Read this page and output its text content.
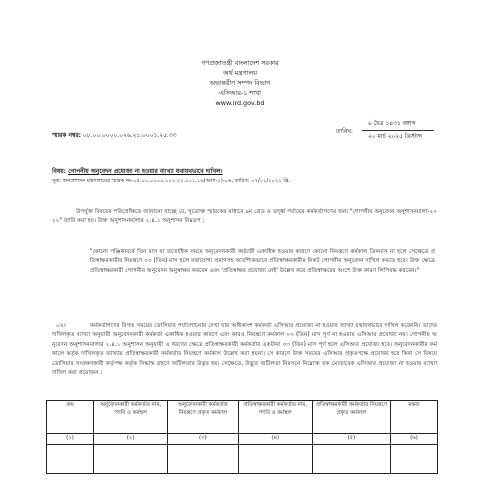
গণপ্রজাতন্ত্রী বাংলাদেশ সরকার
অর্থ মন্ত্রণালয়
অভ্যন্তরীণ সম্পদ বিভাগ
এসিআর-১ শাখা
www.ird.gov.bd
৬ চৈত্র ১৪৩১ বঙ্গাব্দ
তারিখ:
২০ মার্চ ২০২৫ খ্রিস্টাব্দ
স্মারক নম্বর: ০৮.০০.০০০০.০২৬.২১.০০০১.২৫.৩৩
বিষয়: গোপনীয় অনুবেদন প্রযোজ্য না হওয়ার ব্যাখ্যা যথাযথভাবে দাখিল।
সূত্র: জনপ্রশাসন মন্ত্রণালয়ের স্মারক নং-০৫.০০.০০০০.১০২.২২.০০১.১৬(অংশ-১)-০৬, তারিখ: ০৭/০১/২০২১ খ্রি.
উপর্যুক্ত বিষয়ের পরিপ্রেক্ষিতে জানানো যাচ্ছে যে, সূত্রোক্ত স্মারকের মাধ্যমে ৯ম গ্রেড ও তদূর্ধ্ব পর্যায়ের কর্মকর্তাগণের জন্য "গোপনীয় অনুবেদন অনুশাসনমালা-২০২০" জারি করা হয়। উক্ত অনুশাসনমালার ২.৪.১ অনুশাসন নিম্নরূপ :
"কোনো পঞ্জিকাবর্ষে তিন মাস বা ততোধিক সময়ে অনুবেদনকারী কর্মচারী একাধিক হওয়ার কারণে কোনো নিয়ন্ত্রণে কর্মকাল তিনমাস না হলে সেক্ষেত্রে প্রতিস্বাক্ষরকারীর নিয়ন্ত্রণে ০৩ (তিন) মাস হলে যথাযোগ্য প্রমাণসহ আবশ্যিকভাবে প্রতিস্বাক্ষরকারীর নিকট গোপনীয় অনুবেদন দাখিল করতে হবে। উক্ত ক্ষেত্রে প্রতিস্বাক্ষরকারী গোপনীয় অনুবেদন অনুস্বাক্ষর করবেন এবং 'প্রতিস্বাক্ষর প্রযোজ্য নেই' উল্লেখ করে প্রতিস্বাক্ষরের অংশে উক্ত কারণ লিপিবদ্ধ করবেন।"
০২।	কর্মকর্তাগণের বিগত সময়ের ডোসিয়ার পর্যালোচনায় দেখা যায় অধিকাংশ কর্মকর্তা এসিআর প্রযোজ্য না হওয়ার ব্যাখ্যা যথাযথভাবে দাখিল করেননি। তাদের দাখিলকৃত ব্যাখ্যা অনুযায়ী অনুবেদনকারী কর্মকর্তা একাধিক হওয়ার কারণে এবং কারও নিয়ন্ত্রণে কর্মকাল ০৩ (তিন) মাস পূর্ণ না হওয়ায় এসিআর প্রযোজ্য নয়। গোপনীয় অনুবেদন অনুশাসনমালার ২.৪.১ অনুশাসন অনুযায়ী এ ধরণের ক্ষেত্রে প্রতিস্বাক্ষরকারী কর্মকর্তার একটানা ০৩ (তিন) মাস পূর্ণ হলে এসিআর প্রযোজ্য হবে। অনুবেদনকারীর কর্মকালে কর্তৃক দাখিলকৃত ব্যাখ্যায় প্রতিস্বাক্ষরকারী কর্মকর্তার নিয়ন্ত্রণে কর্মকাল উল্লেখ করা হয়না। সে কারণে উক্ত সময়ের এসিআর প্রকৃতপক্ষে প্রযোজ্য হবে কিনা সে বিষয়ে ডোসিয়ার সংরক্ষণকারী কর্তৃপক্ষ কর্তৃক সিদ্ধান্ত গ্রহণে জটিলতার উদ্ভব হয়। সেক্ষেত্রে, উদ্ভূত জটিলতা নিরসনে নিম্নোক্ত ছক মোতাবেক এসিআর প্রযোজ্য না হওয়ার ব্যাখ্যা দাখিল করা প্রয়োজন :
ক্রম	অনুবেদনকারী কর্মকর্তার নাম, পদবি ও কর্মস্থল	অনুবেদনকারী কর্মকর্তার নিয়ন্ত্রণে প্রকৃত কর্মকাল	প্রতিস্বাক্ষরকারী কর্মকর্তার নাম, পদবি ও কর্মস্থল	প্রতিস্বাক্ষরকারী কর্মকর্তার নিয়ন্ত্রণে প্রকৃত কর্মকাল	মন্তব্য
(১)	(২)	(৩)	(৪)	(৫)	(৬)
